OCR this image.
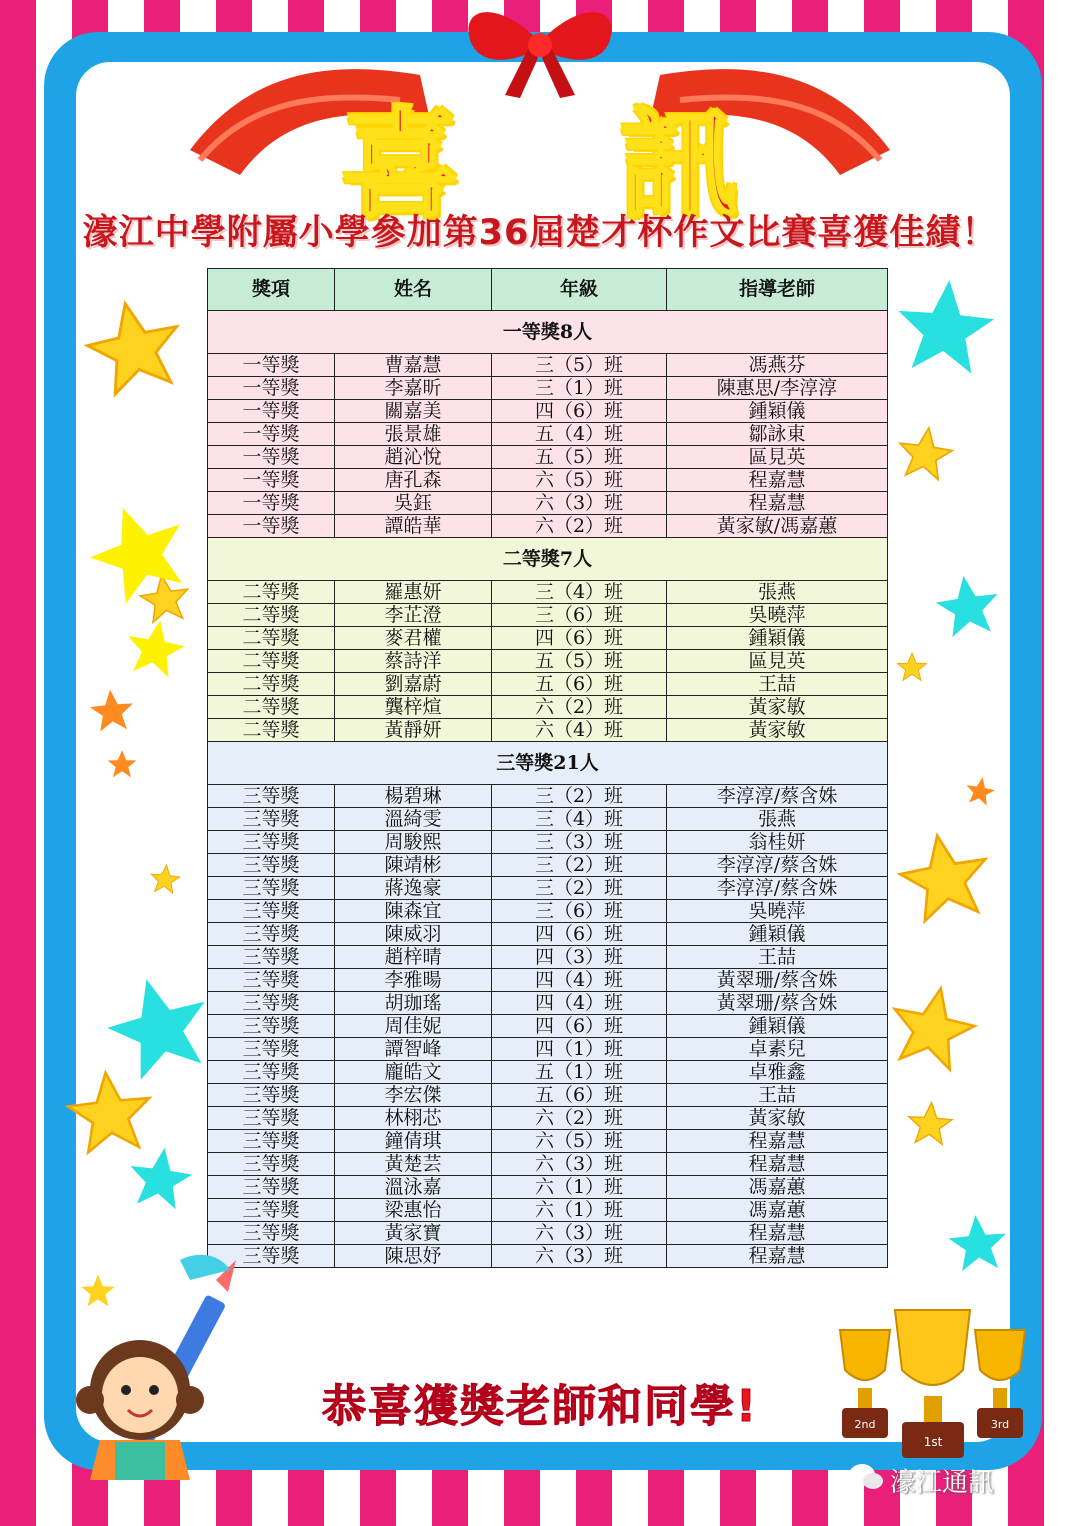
喜 訊
濠江中學附屬小學參加第36屆楚才杯作文比賽喜獲佳績！
獎項	姓名	年級	指導老師
一等獎8人			
一等獎	曹嘉慧	三（5）班	馮燕芬
一等獎	李嘉昕	三（1）班	陳惠思/李淳淳
一等獎	關嘉美	四（6）班	鍾穎儀
一等獎	張景雄	五（4）班	鄒詠東
一等獎	趙沁悅	五（5）班	區見英
一等獎	唐孔森	六（5）班	程嘉慧
一等獎	吳鈺	六（3）班	程嘉慧
一等獎	譚皓華	六（2）班	黃家敏/馮嘉蕙
二等獎7人			
二等獎	羅惠妍	三（4）班	張燕
二等獎	李芷澄	三（6）班	吳曉萍
二等獎	麥君權	四（6）班	鍾穎儀
二等獎	蔡詩洋	五（5）班	區見英
二等獎	劉嘉蔚	五（6）班	王喆
二等獎	龔梓煊	六（2）班	黃家敏
二等獎	黃靜妍	六（4）班	黃家敏
三等獎21人			
三等獎	楊碧琳	三（2）班	李淳淳/蔡含姝
三等獎	溫綺雯	三（4）班	張燕
三等獎	周駿熙	三（3）班	翁桂妍
三等獎	陳靖彬	三（2）班	李淳淳/蔡含姝
三等獎	蔣逸豪	三（2）班	李淳淳/蔡含姝
三等獎	陳森宜	三（6）班	吳曉萍
三等獎	陳威羽	四（6）班	鍾穎儀
三等獎	趙梓晴	四（3）班	王喆
三等獎	李雅暘	四（4）班	黃翠珊/蔡含姝
三等獎	胡珈瑤	四（4）班	黃翠珊/蔡含姝
三等獎	周佳妮	四（6）班	鍾穎儀
三等獎	譚智峰	四（1）班	卓素兒
三等獎	龐皓文	五（1）班	卓雅鑫
三等獎	李宏傑	五（6）班	王喆
三等獎	林栩芯	六（2）班	黃家敏
三等獎	鐘倩琪	六（5）班	程嘉慧
三等獎	黃楚芸	六（3）班	程嘉慧
三等獎	溫泳嘉	六（1）班	馮嘉蕙
三等獎	梁惠怡	六（1）班	馮嘉蕙
三等獎	黃家寶	六（3）班	程嘉慧
三等獎	陳思妤	六（3）班	程嘉慧
2nd
1st
3rd
恭喜獲獎老師和同學!
濠江通訊
